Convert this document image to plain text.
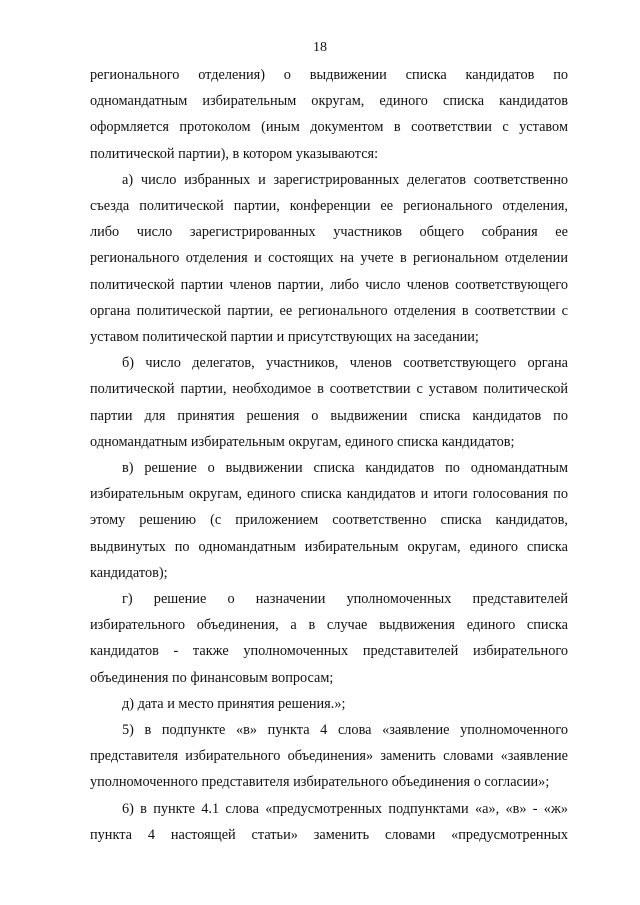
18

регионального отделения) о выдвижении списка кандидатов по
одномандатным избирательным округам, единого списка кандидатов
оформляется протоколом (иным документом в соответствии с уставом
политической партии), в котором указываются:

а) число избранных и зарегистрированных делегатов соответственно
съезда политической партии, конференции ее регионального отделения,
либо число зарегистрированных участников общего собрания ее
регионального отделения и состоящих на учете в региональном отделении
политической партии членов партии, либо число членов соответствующего
органа политической партии, ее регионального отделения в соответствии с
уставом политической партии и присутствующих на заседании;

б) число делегатов, участников, членов соответствующего органа
политической партии, необходимое в соответствии с уставом политической
партии для принятия решения о выдвижении списка кандидатов по
одномандатным избирательным округам, единого списка кандидатов;

в) решение о выдвижении списка кандидатов по одномандатным
избирательным округам, единого списка кандидатов и итоги голосования по
этому решению (с приложением соответственно списка кандидатов,
выдвинутых по одномандатным избирательным округам, единого списка
кандидатов);

г) решение о назначении уполномоченных представителей
избирательного объединения, а в случае выдвижения единого списка
кандидатов - также уполномоченных представителей избирательного
объединения по финансовым вопросам;

д) дата и место принятия решения.»;

5) в подпункте «в» пункта 4 слова «заявление уполномоченного
представителя избирательного объединения» заменить словами «заявление
уполномоченного представителя избирательного объединения о согласии»;

6) в пункте 4.1 слова «предусмотренных подпунктами «а», «в» - «ж»
пункта 4 настоящей статьи» заменить словами «предусмотренных
